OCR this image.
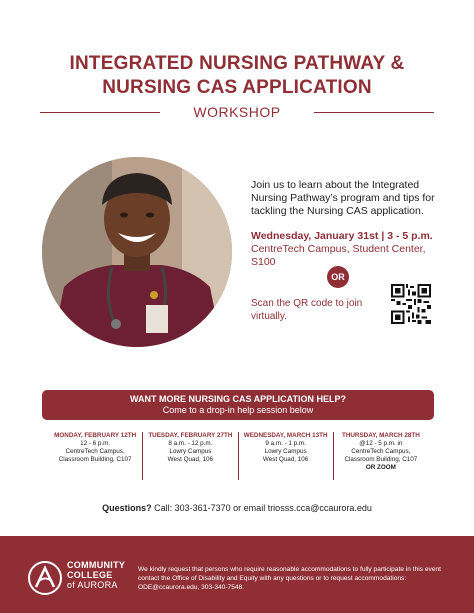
INTEGRATED NURSING PATHWAY &
NURSING CAS APPLICATION
WORKSHOP

Join us to learn about the Integrated Nursing Pathway’s program and tips for tackling the Nursing CAS application.

Wednesday, January 31st | 3 - 5 p.m.

CentreTech Campus, Student Center, S100

OR
Scan the QR code to join virtually.
WANT MORE NURSING CAS APPLICATION HELP?
Come to a drop-in help session below
MONDAY, FEBRUARY 12TH
12 - 6 p.m.
CentreTech Campus,
Classroom Building, C107
TUESDAY, FEBRUARY 27TH
8 a.m. - 12 p.m.
Lowry Campus
West Quad, 106
WEDNESDAY, MARCH 13TH
9 a.m. - 1 p.m.
Lowry Campus
West Quad, 106
THURSDAY, MARCH 28TH
@12 - 5 p.m. in
CentreTech Campus,
Classroom Building, C107
OR ZOOM
Questions? Call: 303-361-7370 or email triosss.cca@ccaurora.edu
COMMUNITY
COLLEGE
of AURORA
We kindly request that persons who require reasonable accommodations to fully participate in this event contact the Office of Disability and Equity with any questions or to request accommodations: ODE@ccaurora.edu, 303-340-7548.
